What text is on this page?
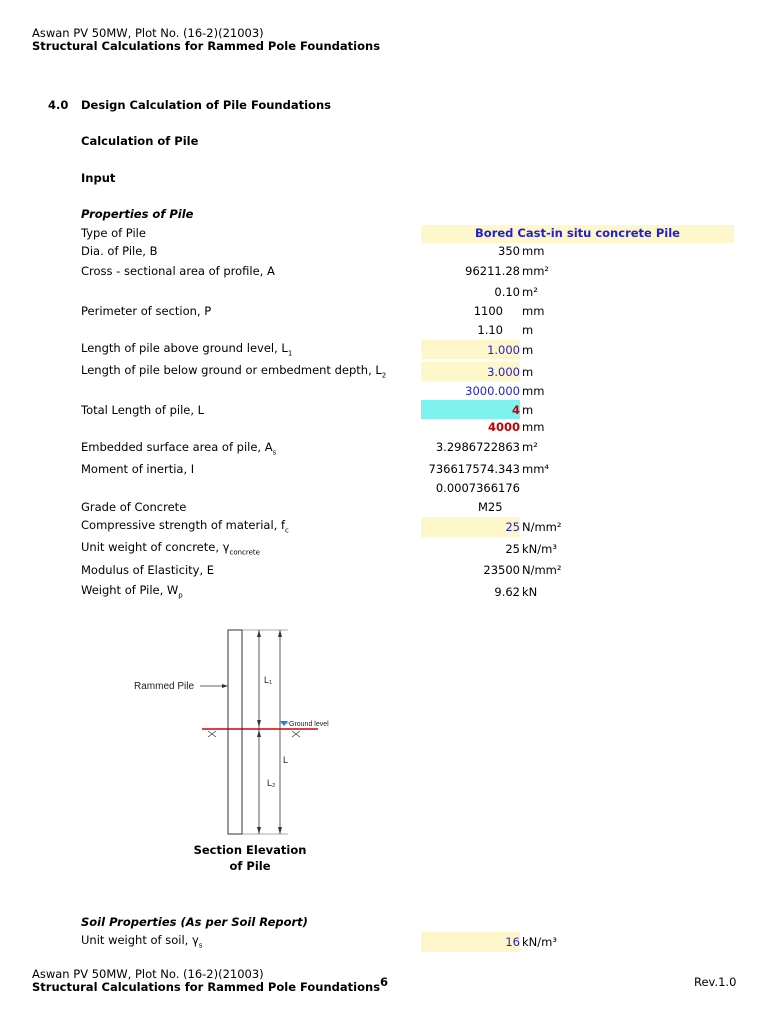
Aswan PV 50MW, Plot No. (16-2)(21003)
Structural Calculations for Rammed Pole Foundations
4.0 Design Calculation of Pile Foundations
Calculation of Pile
Input
Properties of Pile
Type of Pile	Bored Cast-in situ concrete Pile
Dia. of Pile, B	350 mm
Cross - sectional area of profile, A	96211.28 mm²
0.10 m²
Perimeter of section, P	1100 mm
1.10 m
Length of pile above ground level, $L_1$	1.000 m
Length of pile below ground or embedment depth, $L_2$	3.000 m
3000.000 mm
Total Length of pile, L	4 m
4000 mm
Embedded surface area of pile, $A_s$	3.2986722863 m²
Moment of inertia, I	736617574.343 mm⁴
0.0007366176
Grade of Concrete	M25
Compressive strength of material, $f_c$	25 N/mm²
Unit weight of concrete, $\gamma_{concrete}$	25 kN/m³
Modulus of Elasticity, E	23500 N/mm²
Weight of Pile, $W_p$	9.62 kN
Rammed Pile
L₁
L₂
L
Ground level
Section Elevation
of Pile
Soil Properties (As per Soil Report)
Unit weight of soil, $\gamma_s$	16 kN/m³
Aswan PV 50MW, Plot No. (16-2)(21003)
Structural Calculations for Rammed Pole Foundations 6	Rev.1.0
